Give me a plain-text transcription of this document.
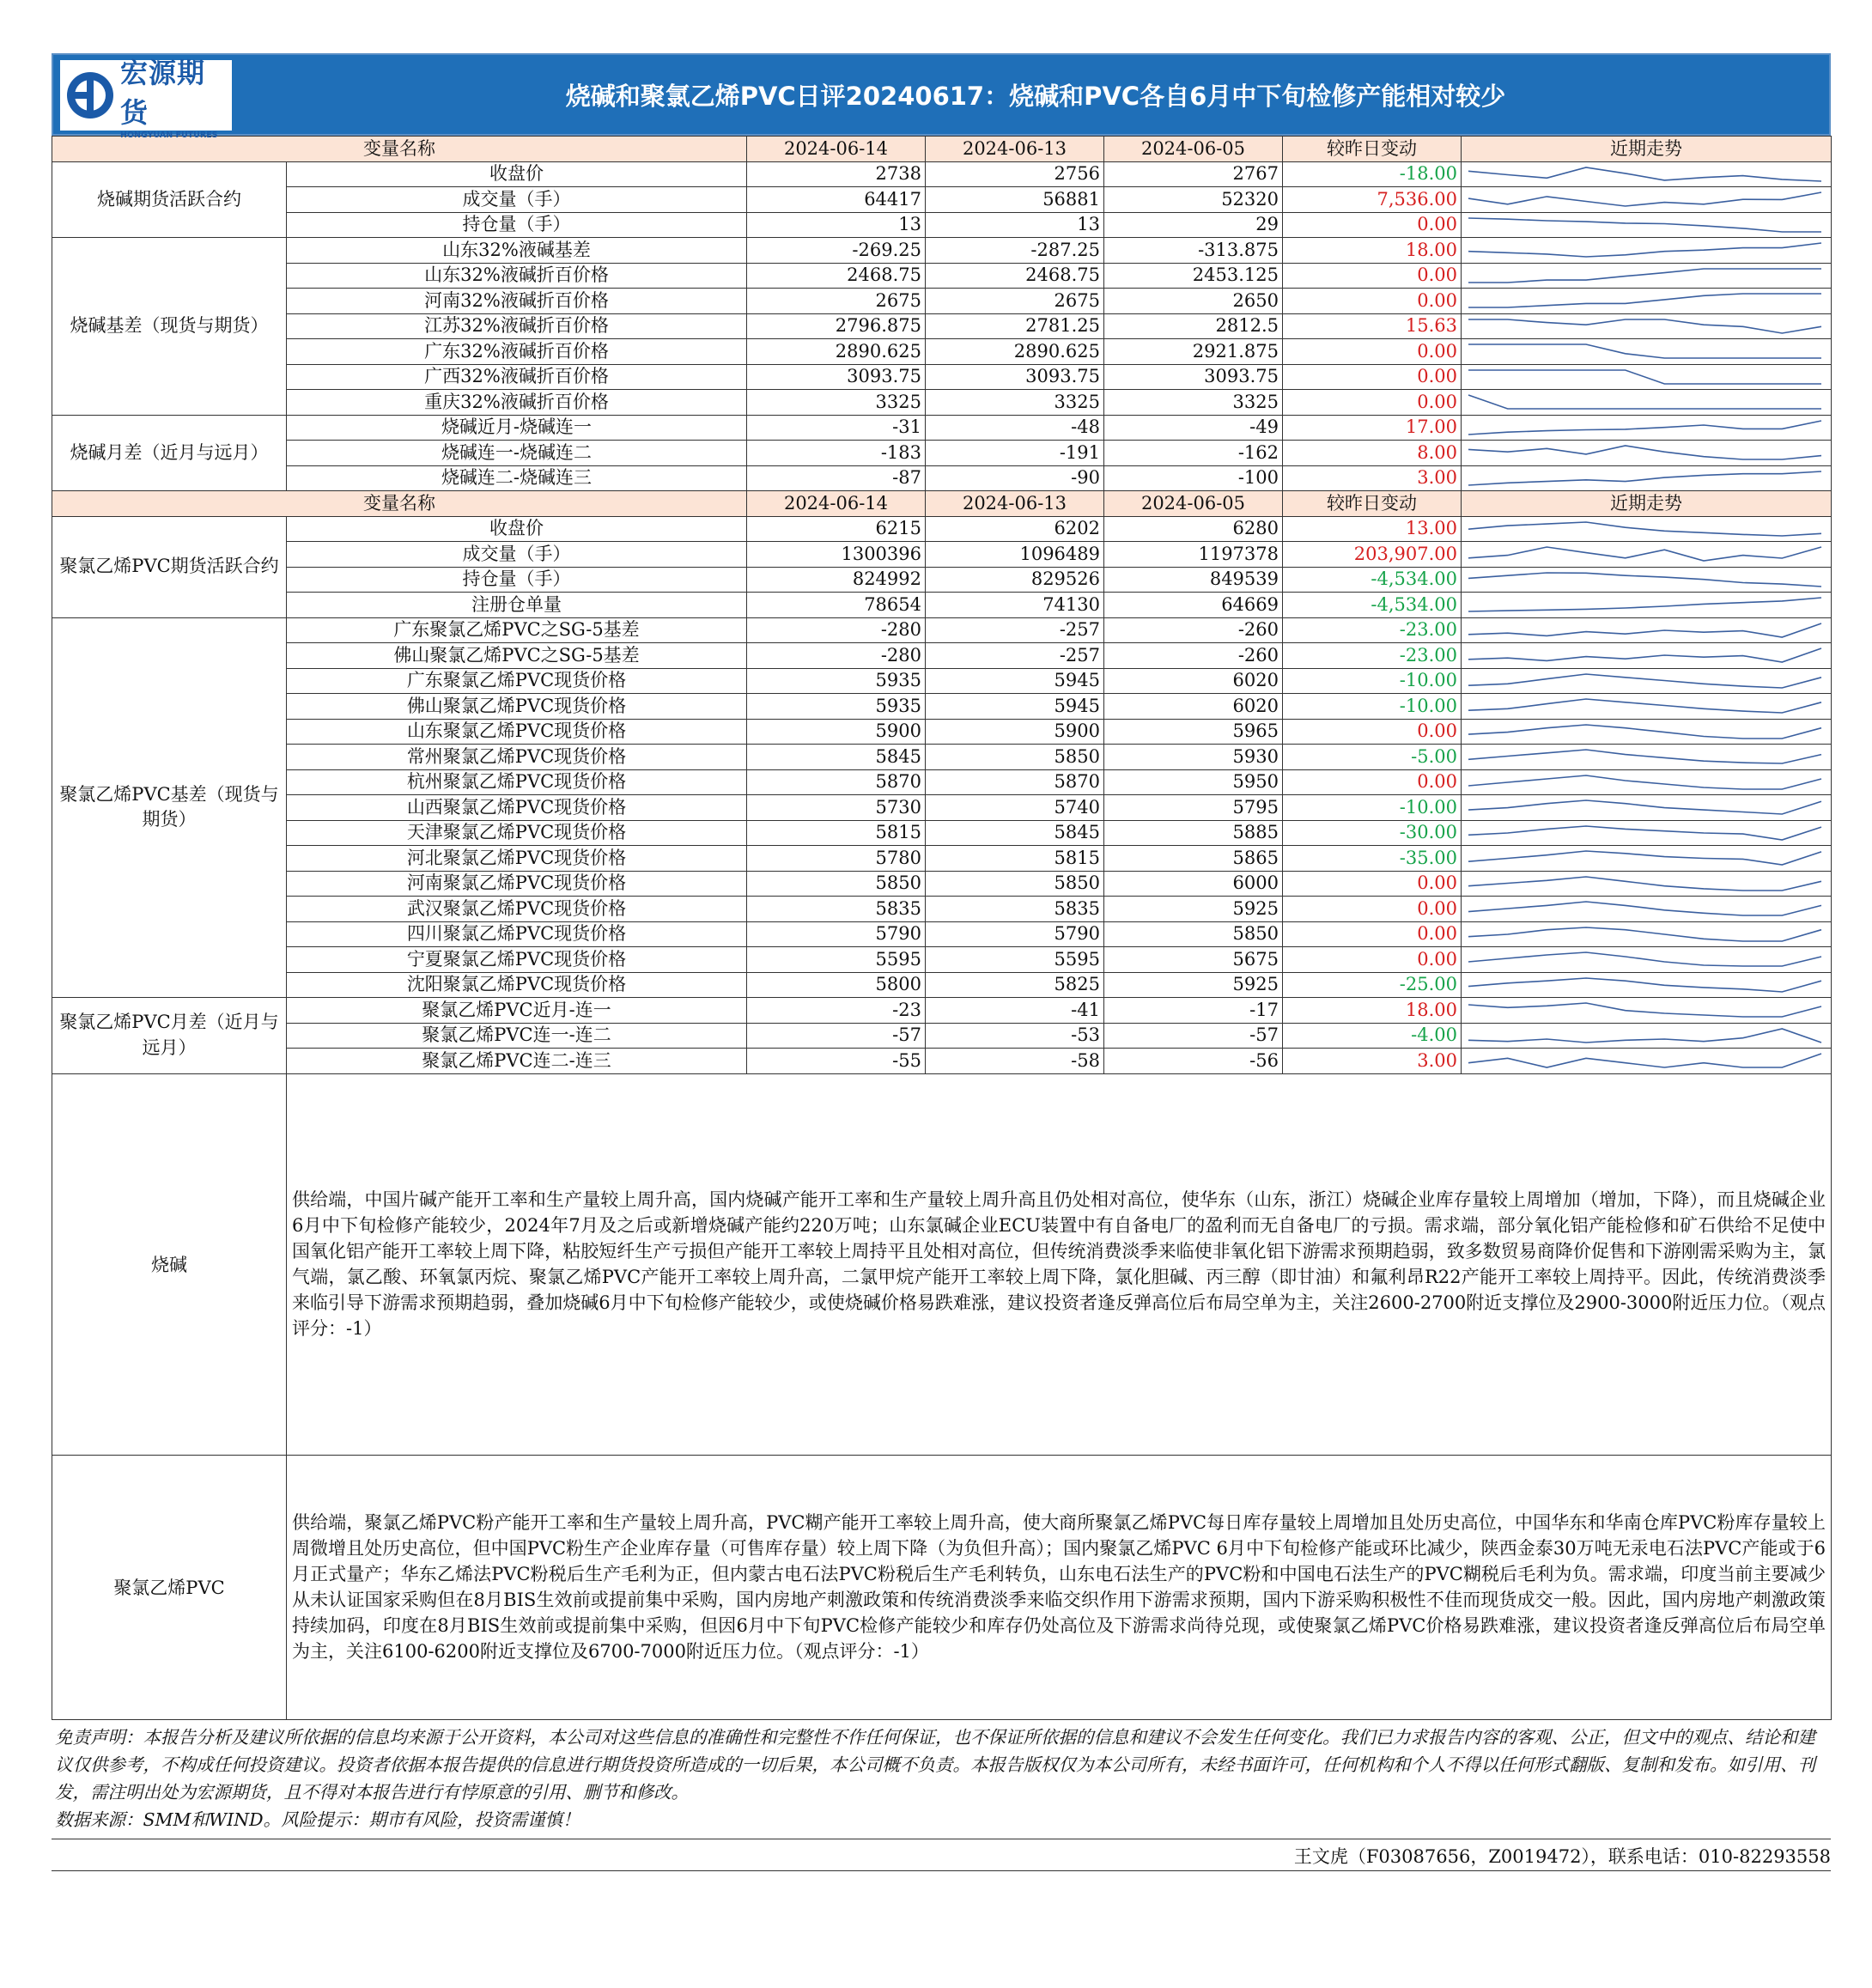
宏源期货
HONGYUAN FUTURES
烧碱和聚氯乙烯PVC日评20240617：烧碱和PVC各自6月中下旬检修产能相对较少
变量名称		2024-06-14	2024-06-13	2024-06-05	较昨日变动	近期走势
烧碱期货活跃合约	收盘价	2738	2756	2767	-18.00	

	成交量（手）	64417	56881	52320	7,536.00	

	持仓量（手）	13	13	29	0.00	

烧碱基差（现货与期货）	山东32%液碱基差	-269.25	-287.25	-313.875	18.00	

	山东32%液碱折百价格	2468.75	2468.75	2453.125	0.00	

	河南32%液碱折百价格	2675	2675	2650	0.00	

	江苏32%液碱折百价格	2796.875	2781.25	2812.5	15.63	

	广东32%液碱折百价格	2890.625	2890.625	2921.875	0.00	

	广西32%液碱折百价格	3093.75	3093.75	3093.75	0.00	

	重庆32%液碱折百价格	3325	3325	3325	0.00	

烧碱月差（近月与远月）	烧碱近月-烧碱连一	-31	-48	-49	17.00	

	烧碱连一-烧碱连二	-183	-191	-162	8.00	

	烧碱连二-烧碱连三	-87	-90	-100	3.00	

变量名称		2024-06-14	2024-06-13	2024-06-05	较昨日变动	近期走势
聚氯乙烯PVC期货活跃合约	收盘价	6215	6202	6280	13.00	

	成交量（手）	1300396	1096489	1197378	203,907.00	

	持仓量（手）	824992	829526	849539	-4,534.00	

	注册仓单量	78654	74130	64669	-4,534.00	

聚氯乙烯PVC基差（现货与期货）	广东聚氯乙烯PVC之SG-5基差	-280	-257	-260	-23.00	

	佛山聚氯乙烯PVC之SG-5基差	-280	-257	-260	-23.00	

	广东聚氯乙烯PVC现货价格	5935	5945	6020	-10.00	

	佛山聚氯乙烯PVC现货价格	5935	5945	6020	-10.00	

	山东聚氯乙烯PVC现货价格	5900	5900	5965	0.00	

	常州聚氯乙烯PVC现货价格	5845	5850	5930	-5.00	

	杭州聚氯乙烯PVC现货价格	5870	5870	5950	0.00	

	山西聚氯乙烯PVC现货价格	5730	5740	5795	-10.00	

	天津聚氯乙烯PVC现货价格	5815	5845	5885	-30.00	

	河北聚氯乙烯PVC现货价格	5780	5815	5865	-35.00	

	河南聚氯乙烯PVC现货价格	5850	5850	6000	0.00	

	武汉聚氯乙烯PVC现货价格	5835	5835	5925	0.00	

	四川聚氯乙烯PVC现货价格	5790	5790	5850	0.00	

	宁夏聚氯乙烯PVC现货价格	5595	5595	5675	0.00	

	沈阳聚氯乙烯PVC现货价格	5800	5825	5925	-25.00	

聚氯乙烯PVC月差（近月与远月）	聚氯乙烯PVC近月-连一	-23	-41	-17	18.00	

	聚氯乙烯PVC连一-连二	-57	-53	-57	-4.00	

	聚氯乙烯PVC连二-连三	-55	-58	-56	3.00	
烧碱	供给端，中国片碱产能开工率和生产量较上周升高，国内烧碱产能开工率和生产量较上周升高且仍处相对高位，使华东（山东，浙江）烧碱企业库存量较上周增加（增加，下降），而且烧碱企业6月中下旬检修产能较少，2024年7月及之后或新增烧碱产能约220万吨；山东氯碱企业ECU装置中有自备电厂的盈利而无自备电厂的亏损。需求端，部分氧化铝产能检修和矿石供给不足使中国氧化铝产能开工率较上周下降，粘胶短纤生产亏损但产能开工率较上周持平且处相对高位，但传统消费淡季来临使非氧化铝下游需求预期趋弱，致多数贸易商降价促售和下游刚需采购为主，氯气端，氯乙酸、环氧氯丙烷、聚氯乙烯PVC产能开工率较上周升高，二氯甲烷产能开工率较上周下降，氯化胆碱、丙三醇（即甘油）和氟利昂R22产能开工率较上周持平。因此，传统消费淡季来临引导下游需求预期趋弱，叠加烧碱6月中下旬检修产能较少，或使烧碱价格易跌难涨，建议投资者逢反弹高位后布局空单为主，关注2600-2700附近支撑位及2900-3000附近压力位。（观点评分：-1）
聚氯乙烯PVC	供给端，聚氯乙烯PVC粉产能开工率和生产量较上周升高，PVC糊产能开工率较上周升高，使大商所聚氯乙烯PVC每日库存量较上周增加且处历史高位，中国华东和华南仓库PVC粉库存量较上周微增且处历史高位，但中国PVC粉生产企业库存量（可售库存量）较上周下降（为负但升高）；国内聚氯乙烯PVC 6月中下旬检修产能或环比减少，陕西金泰30万吨无汞电石法PVC产能或于6月正式量产；华东乙烯法PVC粉税后生产毛利为正，但内蒙古电石法PVC粉税后生产毛利转负，山东电石法生产的PVC粉和中国电石法生产的PVC糊税后毛利为负。需求端，印度当前主要减少从未认证国家采购但在8月BIS生效前或提前集中采购，国内房地产刺激政策和传统消费淡季来临交织作用下游需求预期，国内下游采购积极性不佳而现货成交一般。因此，国内房地产刺激政策持续加码，印度在8月BIS生效前或提前集中采购，但因6月中下旬PVC检修产能较少和库存仍处高位及下游需求尚待兑现，或使聚氯乙烯PVC价格易跌难涨，建议投资者逢反弹高位后布局空单为主，关注6100-6200附近支撑位及6700-7000附近压力位。（观点评分：-1）
免责声明：本报告分析及建议所依据的信息均来源于公开资料，本公司对这些信息的准确性和完整性不作任何保证，也不保证所依据的信息和建议不会发生任何变化。我们已力求报告内容的客观、公正，但文中的观点、结论和建议仅供参考，不构成任何投资建议。投资者依据本报告提供的信息进行期货投资所造成的一切后果，本公司概不负责。本报告版权仅为本公司所有，未经书面许可，任何机构和个人不得以任何形式翻版、复制和发布。如引用、刊发，需注明出处为宏源期货，且不得对本报告进行有悖原意的引用、删节和修改。
数据来源：SMM和WIND。风险提示：期市有风险，投资需谨慎！
王文虎（F03087656，Z0019472），联系电话：010-82293558
